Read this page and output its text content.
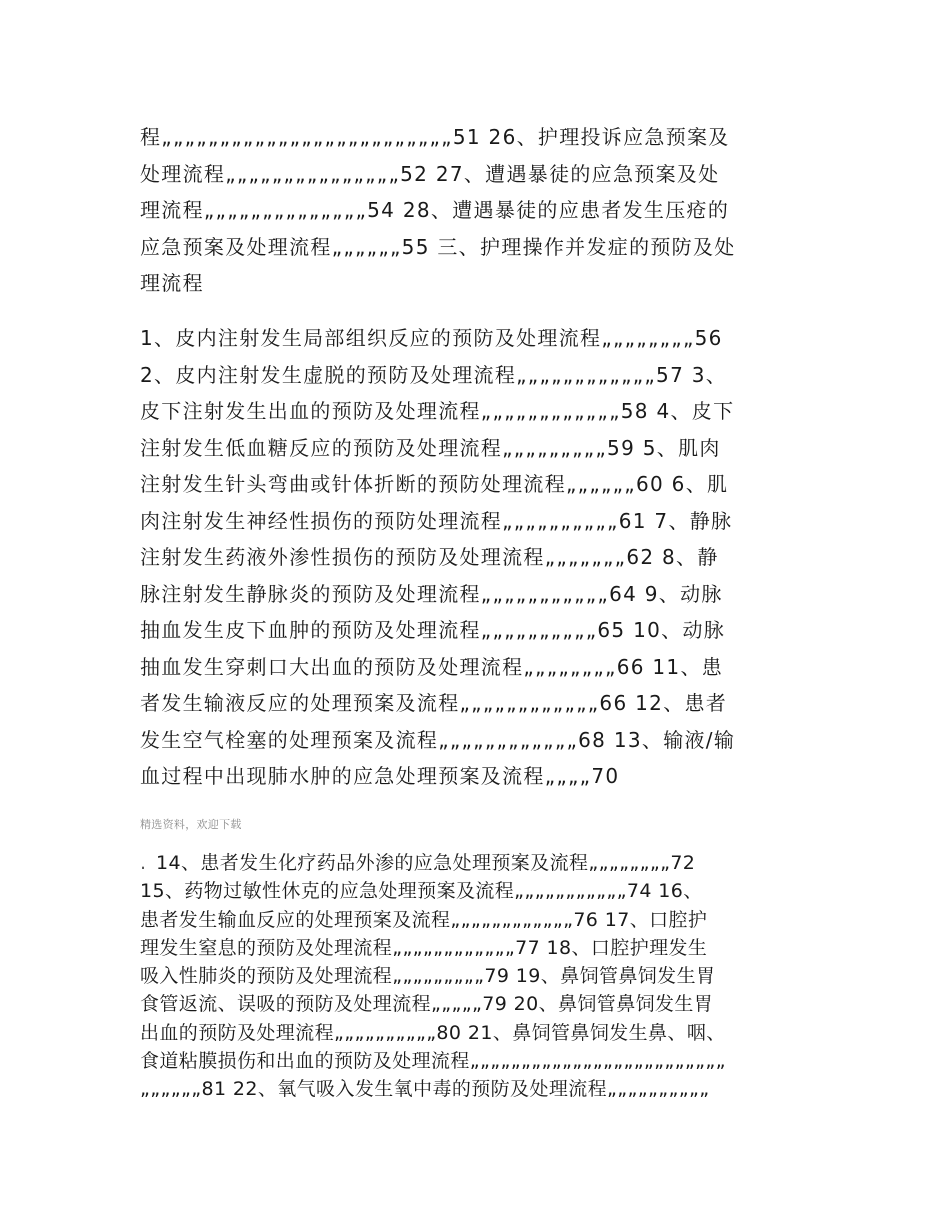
程„„„„„„„„„„„„„„„„„„„„„„„„„51 26、护理投诉应急预案及
处理流程„„„„„„„„„„„„„„„52 27、遭遇暴徒的应急预案及处
理流程„„„„„„„„„„„„„„54 28、遭遇暴徒的应患者发生压疮的
应急预案及处理流程„„„„„„55 三、护理操作并发症的预防及处
理流程
1、皮内注射发生局部组织反应的预防及处理流程„„„„„„„„56
2、皮内注射发生虚脱的预防及处理流程„„„„„„„„„„„„57 3、
皮下注射发生出血的预防及处理流程„„„„„„„„„„„„58 4、皮下
注射发生低血糖反应的预防及处理流程„„„„„„„„„59 5、肌肉
注射发生针头弯曲或针体折断的预防处理流程„„„„„„60 6、肌
肉注射发生神经性损伤的预防处理流程„„„„„„„„„„61 7、静脉
注射发生药液外渗性损伤的预防及处理流程„„„„„„„62 8、静
脉注射发生静脉炎的预防及处理流程„„„„„„„„„„„64 9、动脉
抽血发生皮下血肿的预防及处理流程„„„„„„„„„„65 10、动脉
抽血发生穿刺口大出血的预防及处理流程„„„„„„„„66 11、患
者发生输液反应的处理预案及流程„„„„„„„„„„„„66 12、患者
发生空气栓塞的处理预案及流程„„„„„„„„„„„„68 13、输液/输
血过程中出现肺水肿的应急处理预案及流程„„„„70
精选资料，欢迎下载
. 14、患者发生化疗药品外渗的应急处理预案及流程„„„„„„„„72
15、药物过敏性休克的应急处理预案及流程„„„„„„„„„„„74 16、
患者发生输血反应的处理预案及流程„„„„„„„„„„„„76 17、口腔护
理发生窒息的预防及处理流程„„„„„„„„„„„„77 18、口腔护理发生
吸入性肺炎的预防及处理流程„„„„„„„„„79 19、鼻饲管鼻饲发生胃
食管返流、误吸的预防及处理流程„„„„„79 20、鼻饲管鼻饲发生胃
出血的预防及处理流程„„„„„„„„„„80 21、鼻饲管鼻饲发生鼻、咽、
食道粘膜损伤和出血的预防及处理流程„„„„„„„„„„„„„„„„„„„„„„„„„
„„„„„„81 22、氧气吸入发生氧中毒的预防及处理流程„„„„„„„„„„
